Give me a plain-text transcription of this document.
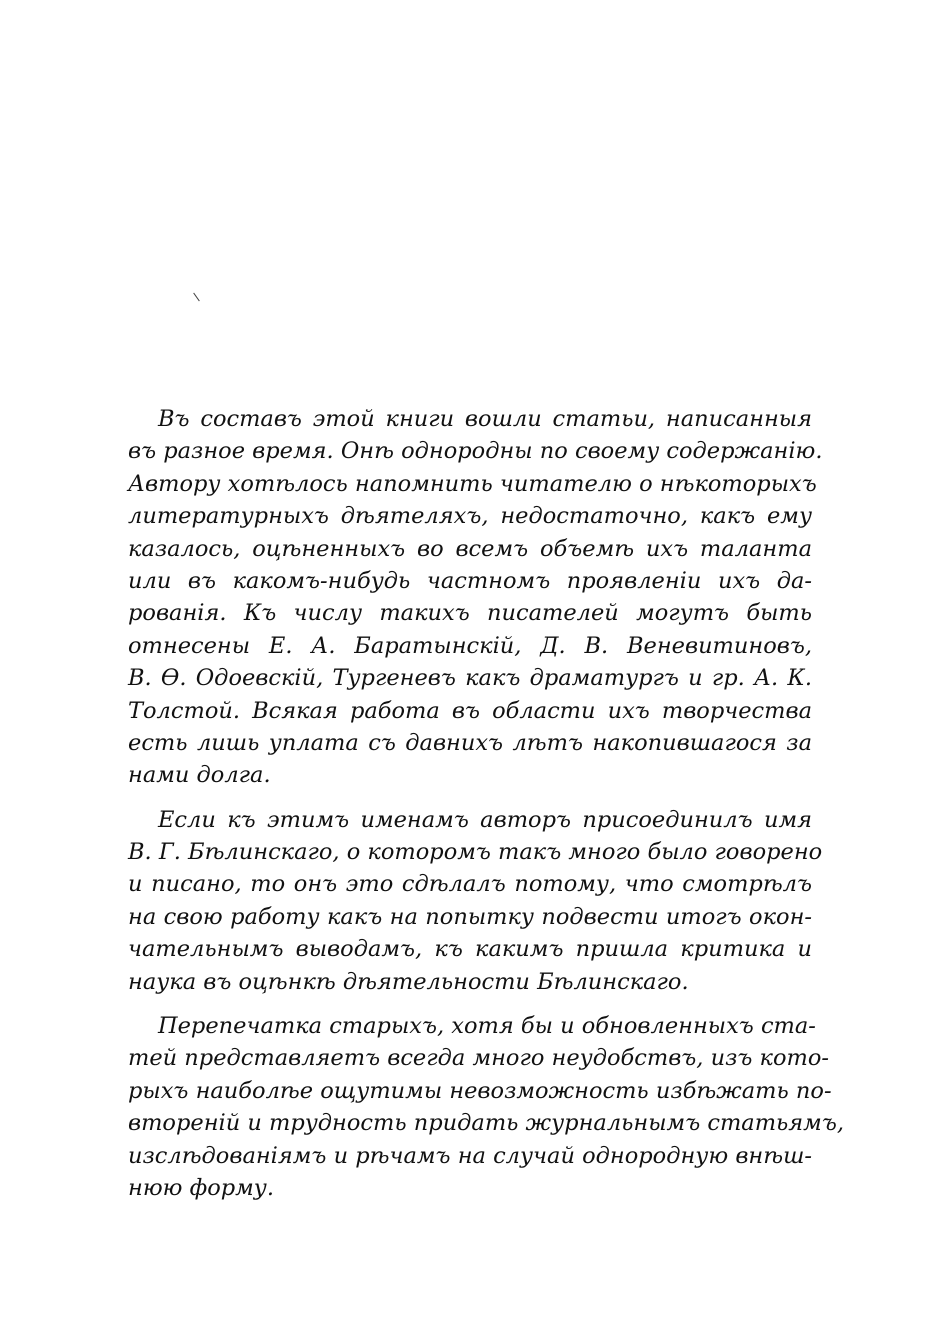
Въ составъ этой книги вошли статьи, написанныя
въ разное время. Онѣ однородны по своему содержанію.
Автору хотѣлось напомнить читателю о нѣкоторыхъ
литературныхъ дѣятеляхъ, недостаточно, какъ ему
казалось, оцѣненныхъ во всемъ объемѣ ихъ таланта
или въ какомъ-нибудь частномъ проявленіи ихъ да-
рованія. Къ числу такихъ писателей могутъ быть
отнесены Е. А. Баратынскій, Д. В. Веневитиновъ,
В. Ѳ. Одоевскій, Тургеневъ какъ драматургъ и гр. А. К.
Толстой. Всякая работа въ области ихъ творчества
есть лишь уплата съ давнихъ лѣтъ накопившагося за
нами долга.
Если къ этимъ именамъ авторъ присоединилъ имя
В. Г. Бѣлинскаго, о которомъ такъ много было говорено
и писано, то онъ это сдѣлалъ потому, что смотрѣлъ
на свою работу какъ на попытку подвести итогъ окон-
чательнымъ выводамъ, къ какимъ пришла критика и
наука въ оцѣнкѣ дѣятельности Бѣлинскаго.
Перепечатка старыхъ, хотя бы и обновленныхъ ста-
тей представляетъ всегда много неудобствъ, изъ кото-
рыхъ наиболѣе ощутимы невозможность избѣжать по-
втореній и трудность придать журнальнымъ статьямъ,
изслѣдованіямъ и рѣчамъ на случай однородную внѣш-
нюю форму.
